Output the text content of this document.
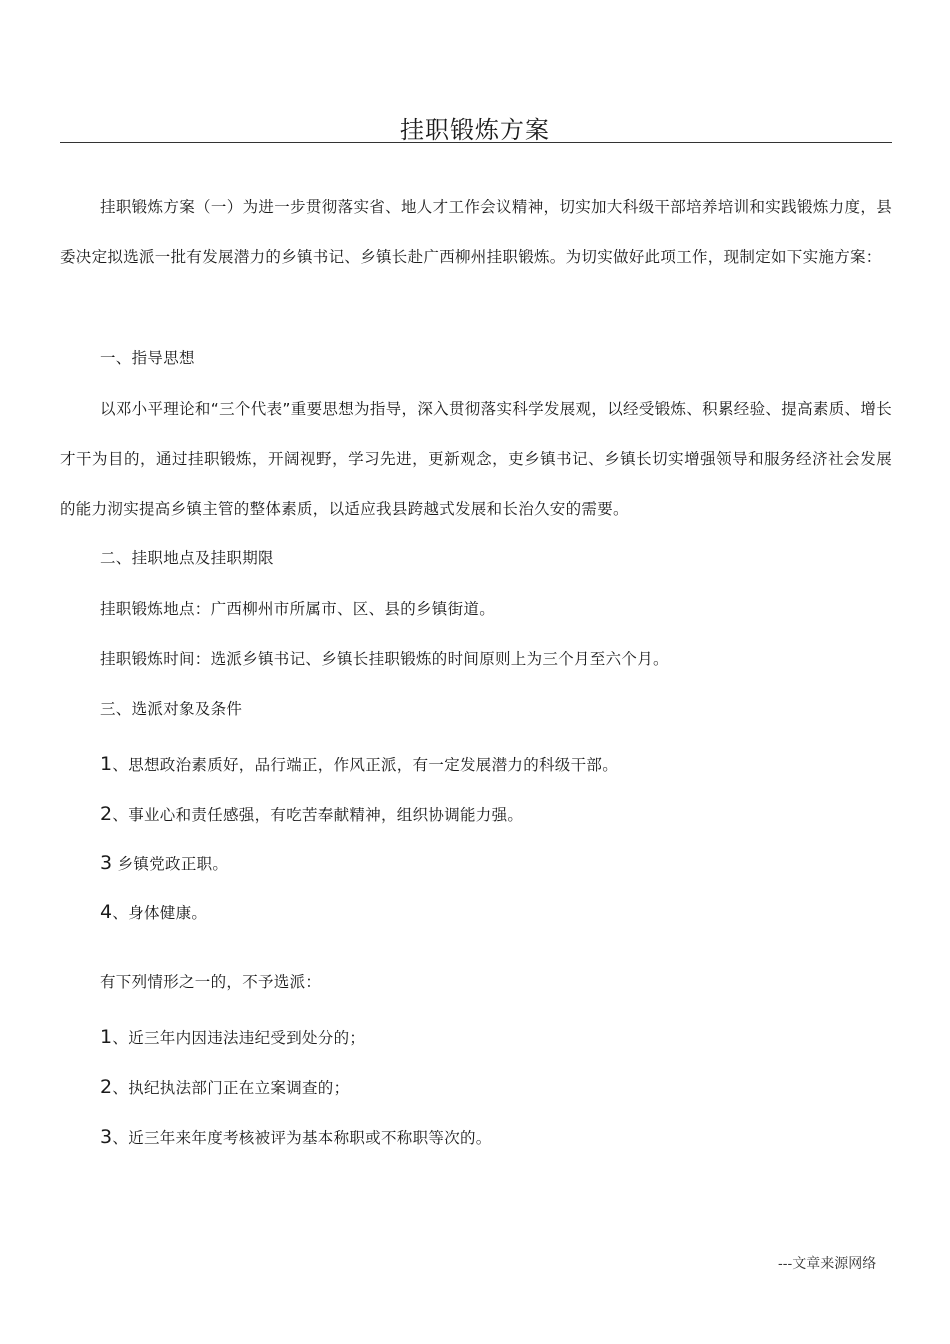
挂职锻炼方案

挂职锻炼方案（一）为进一步贯彻落实省、地人才工作会议精神，切实加大科级干部培养培训和实践锻炼力度，县委决定拟选派一批有发展潜力的乡镇书记、乡镇长赴广西柳州挂职锻炼。为切实做好此项工作，现制定如下实施方案：

一、指导思想

以邓小平理论和“三个代表”重要思想为指导，深入贯彻落实科学发展观，以经受锻炼、积累经验、提高素质、增长才干为目的，通过挂职锻炼，开阔视野，学习先进，更新观念，吏乡镇书记、乡镇长切实增强领导和服务经济社会发展的能力沏实提高乡镇主管的整体素质，以适应我县跨越式发展和长治久安的需要。

二、挂职地点及挂职期限

挂职锻炼地点：广西柳州市所属市、区、县的乡镇街道。

挂职锻炼时间：选派乡镇书记、乡镇长挂职锻炼的时间原则上为三个月至六个月。

三、选派对象及条件

1、思想政治素质好，品行端正，作风正派，有一定发展潜力的科级干部。

2、事业心和责任感强，有吃苦奉献精神，组织协调能力强。

3 乡镇党政正职。

4、身体健康。

有下列情形之一的，不予选派：

1、近三年内因违法违纪受到处分的；

2、执纪执法部门正在立案调查的；

3、近三年来年度考核被评为基本称职或不称职等次的。

---文章来源网络
